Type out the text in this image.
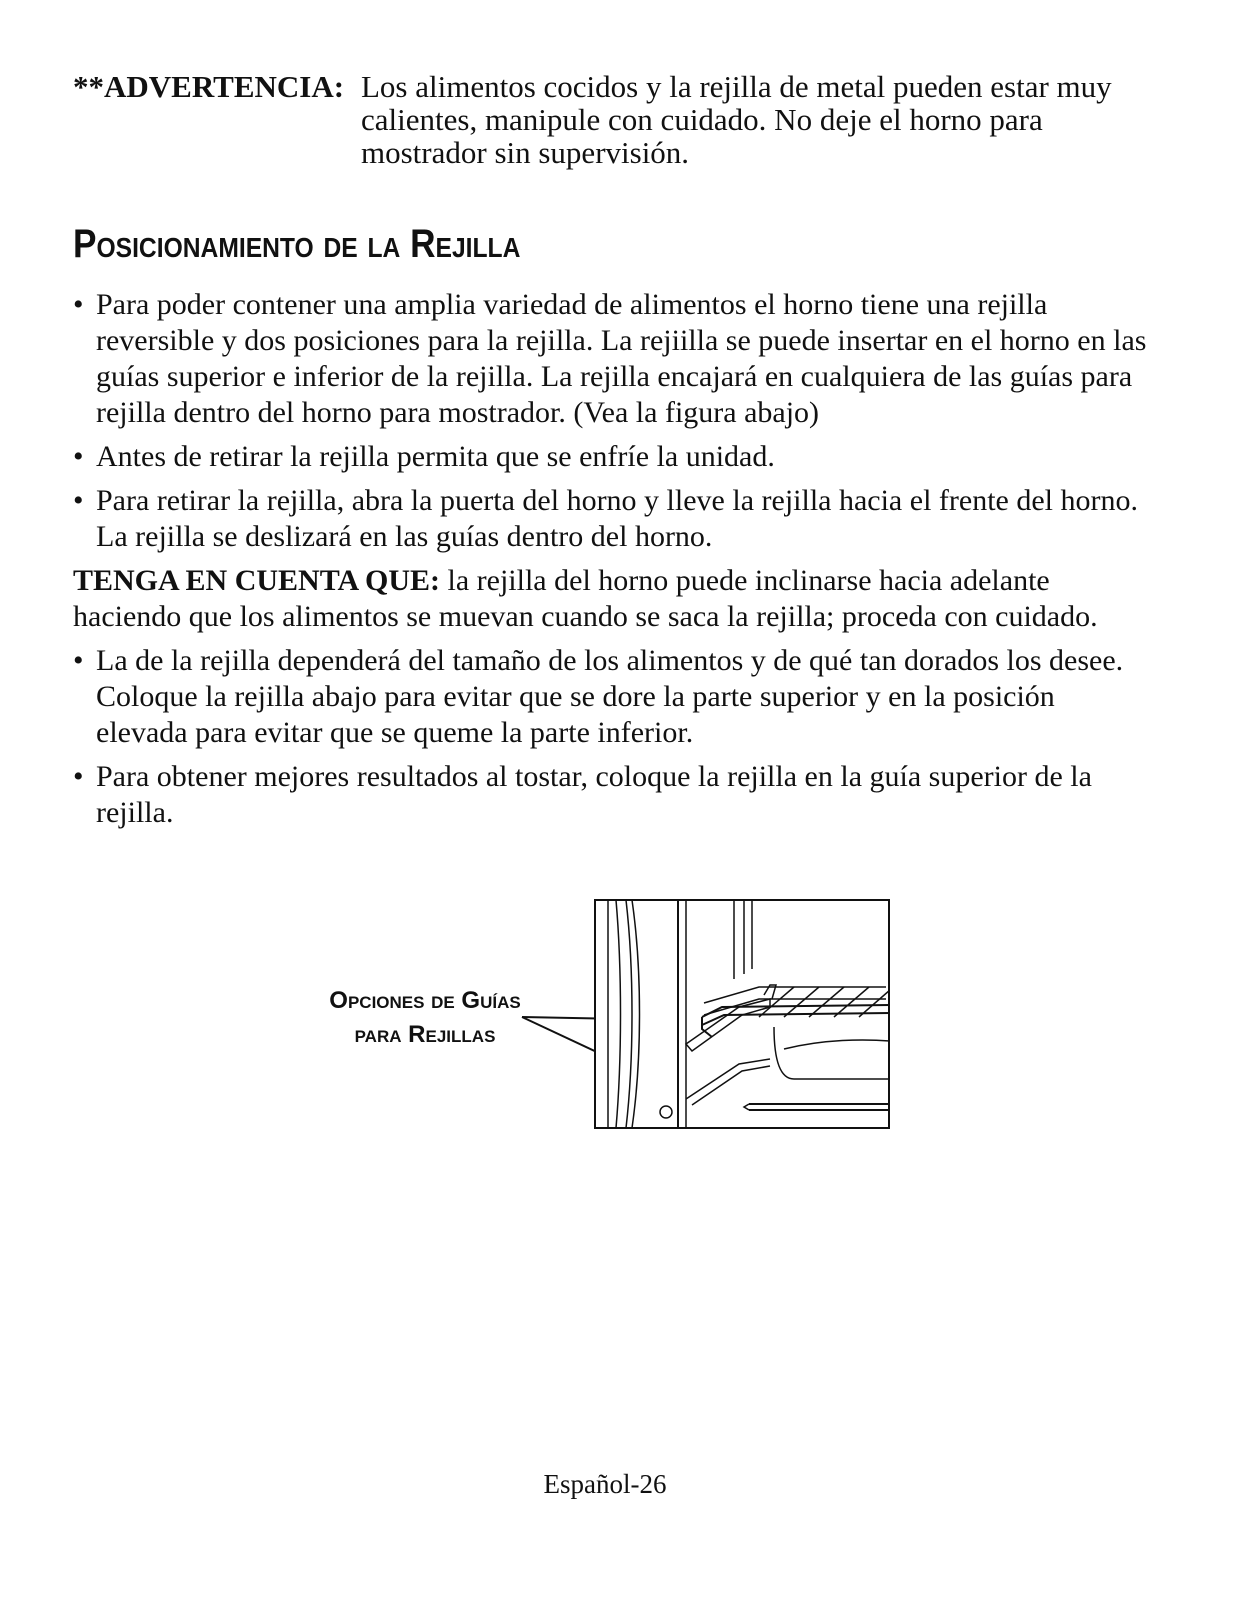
**ADVERTENCIA: Los alimentos cocidos y la rejilla de metal pueden estar muy calientes, manipule con cuidado. No deje el horno para mostrador sin supervisión.
Posicionamiento de la Rejilla
• Para poder contener una amplia variedad de alimentos el horno tiene una rejilla reversible y dos posiciones para la rejilla. La rejiilla se puede insertar en el horno en las guías superior e inferior de la rejilla. La rejilla encajará en cualquiera de las guías para rejilla dentro del horno para mostrador. (Vea la figura abajo)
• Antes de retirar la rejilla permita que se enfríe la unidad.
• Para retirar la rejilla, abra la puerta del horno y lleve la rejilla hacia el frente del horno. La rejilla se deslizará en las guías dentro del horno.
TENGA EN CUENTA QUE: la rejilla del horno puede inclinarse hacia adelante haciendo que los alimentos se muevan cuando se saca la rejilla; proceda con cuidado.
• La de la rejilla dependerá del tamaño de los alimentos y de qué tan dorados los desee. Coloque la rejilla abajo para evitar que se dore la parte superior y en la posición elevada para evitar que se queme la parte inferior.
• Para obtener mejores resultados al tostar, coloque la rejilla en la guía superior de la rejilla.
Opciones de Guías
para Rejillas
Español-26
